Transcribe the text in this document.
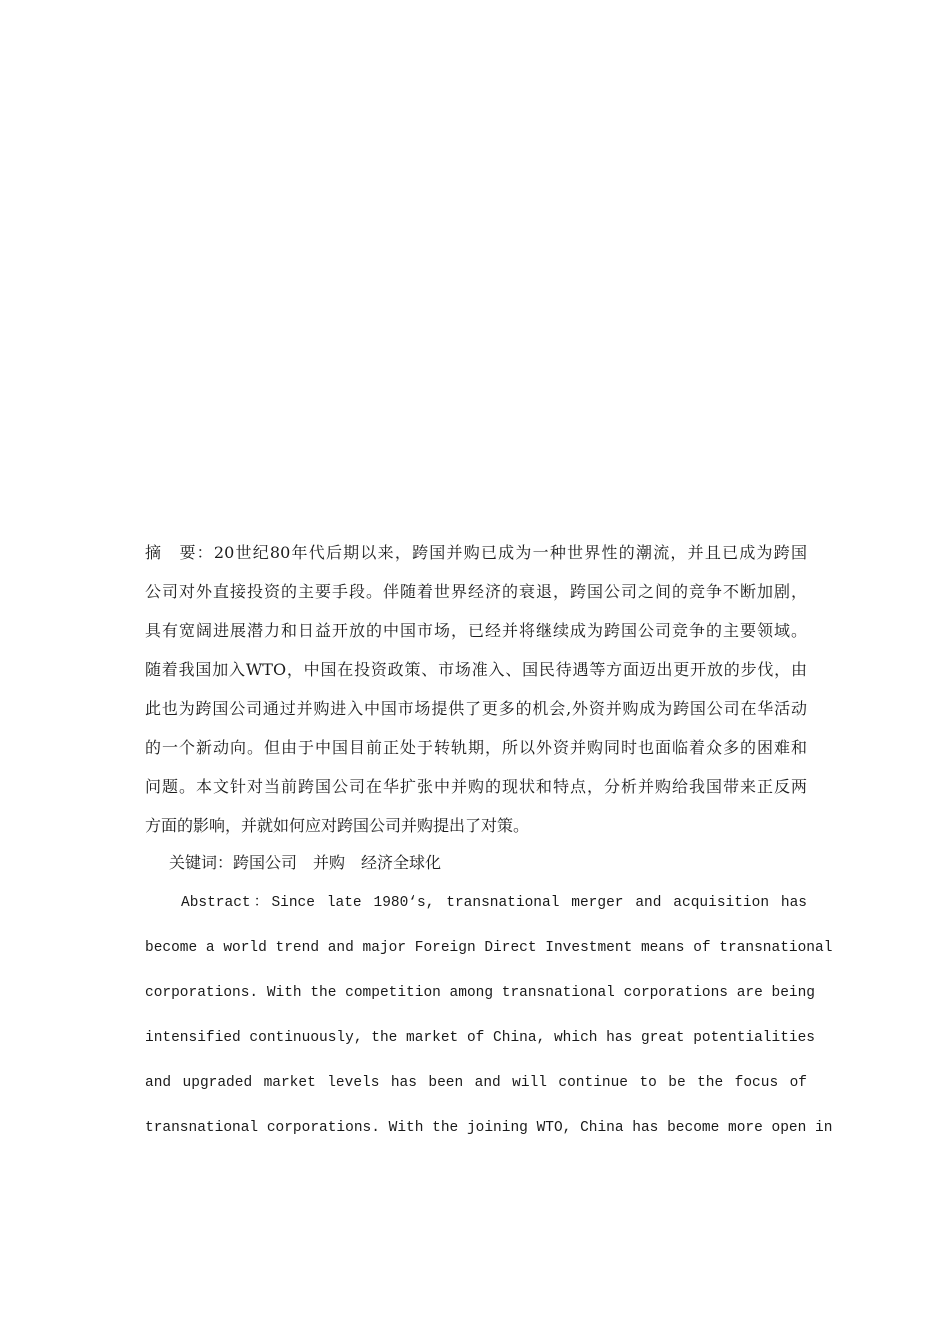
摘　要：20世纪80年代后期以来，跨国并购已成为一种世界性的潮流，并且已成为跨国
公司对外直接投资的主要手段。伴随着世界经济的衰退，跨国公司之间的竞争不断加剧，
具有宽阔进展潜力和日益开放的中国市场，已经并将继续成为跨国公司竞争的主要领域。
随着我国加入WTO，中国在投资政策、市场准入、国民待遇等方面迈出更开放的步伐，由
此也为跨国公司通过并购进入中国市场提供了更多的机会,外资并购成为跨国公司在华活动
的一个新动向。但由于中国目前正处于转轨期，所以外资并购同时也面临着众多的困难和
问题。本文针对当前跨国公司在华扩张中并购的现状和特点，分析并购给我国带来正反两
方面的影响，并就如何应对跨国公司并购提出了对策。
关键词：跨国公司　并购　经济全球化
Abstract：Since late 1980‘s, transnational merger and acquisition has
become a world trend and major Foreign Direct Investment means of transnational
corporations. With the competition among transnational corporations are being
intensified continuously, the market of China, which has great potentialities
and upgraded market levels has been and will continue to be the focus of
transnational corporations. With the joining WTO, China has become more open in
